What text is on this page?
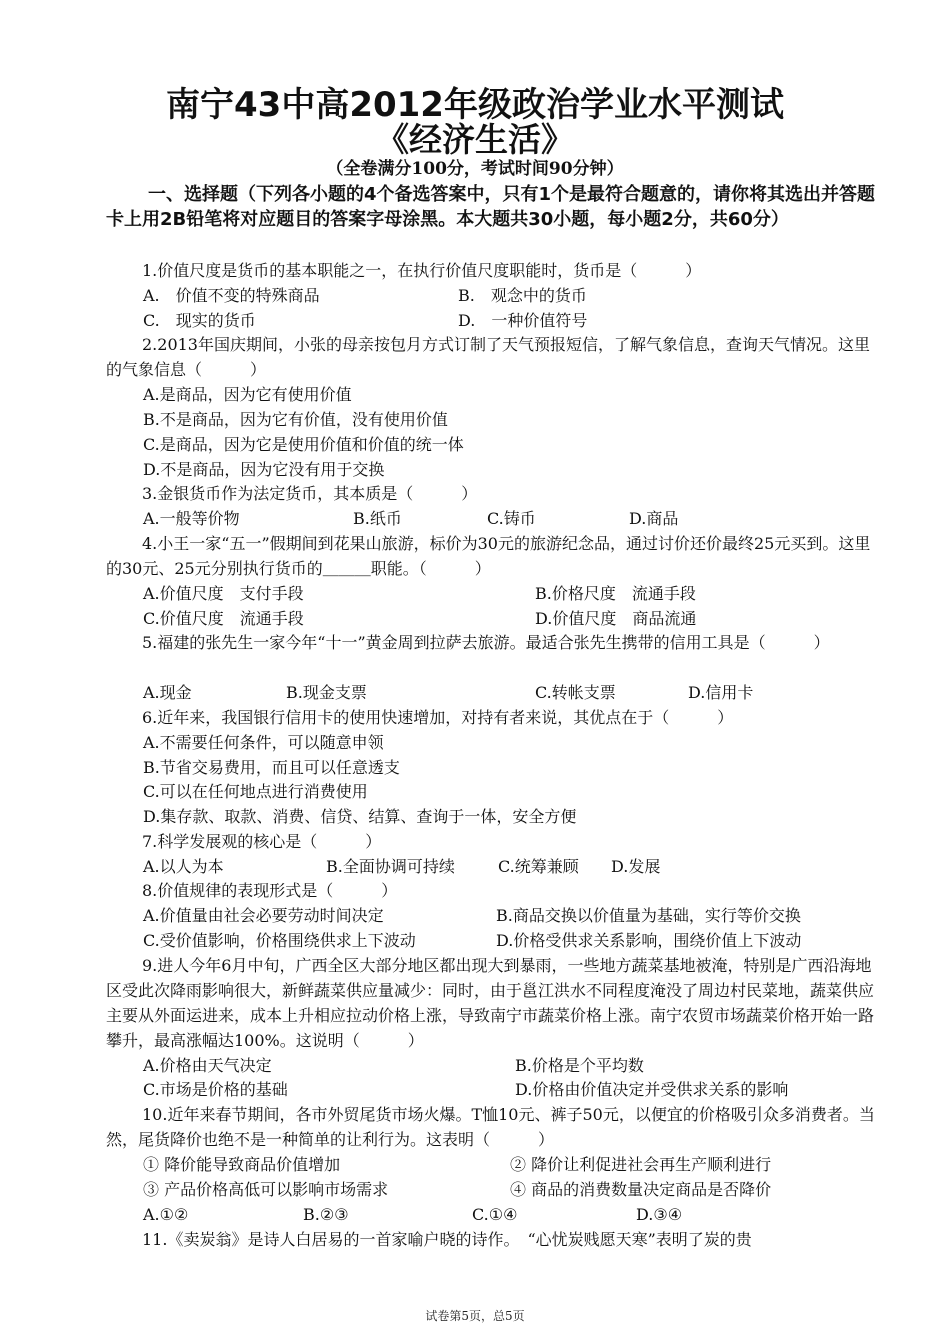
南宁43中高2012年级政治学业水平测试
《经济生活》
（全卷满分100分，考试时间90分钟）
一、选择题（下列各小题的4个备选答案中，只有1个是最符合题意的，请你将其选出并答题卡上用2B铅笔将对应题目的答案字母涂黑。本大题共30小题，每小题2分，共60分）
1.价值尺度是货币的基本职能之一，在执行价值尺度职能时，货币是（　　　）
A.　价值不变的特殊商品	B.　观念中的货币
C.　现实的货币	D.　一种价值符号
2.2013年国庆期间，小张的母亲按包月方式订制了天气预报短信，了解气象信息，查询天气情况。这里的气象信息（　　　）
A.是商品，因为它有使用价值
B.不是商品，因为它有价值，没有使用价值
C.是商品，因为它是使用价值和价值的统一体
D.不是商品，因为它没有用于交换
3.金银货币作为法定货币，其本质是（　　　）
A.一般等价物	B.纸币	C.铸币	D.商品
4.小王一家“五一”假期间到花果山旅游，标价为30元的旅游纪念品，通过讨价还价最终25元买到。这里的30元、25元分别执行货币的＿＿＿职能。（　　　）
A.价值尺度　支付手段	B.价格尺度　流通手段
C.价值尺度　流通手段	D.价值尺度　商品流通
5.福建的张先生一家今年“十一”黄金周到拉萨去旅游。最适合张先生携带的信用工具是（　　　）
A.现金	B.现金支票	C.转帐支票	D.信用卡
6.近年来，我国银行信用卡的使用快速增加，对持有者来说，其优点在于（　　　）
A.不需要任何条件，可以随意申领
B.节省交易费用，而且可以任意透支
C.可以在任何地点进行消费使用
D.集存款、取款、消费、信贷、结算、查询于一体，安全方便
7.科学发展观的核心是（　　　）
A.以人为本	B.全面协调可持续	C.统筹兼顾 D.发展
8.价值规律的表现形式是（　　　）
A.价值量由社会必要劳动时间决定	B.商品交换以价值量为基础，实行等价交换
C.受价值影响，价格围绕供求上下波动	D.价格受供求关系影响，围绕价值上下波动
9.进人今年6月中旬，广西全区大部分地区都出现大到暴雨，一些地方蔬菜基地被淹，特别是广西沿海地区受此次降雨影响很大，新鲜蔬菜供应量减少：同时，由于邕江洪水不同程度淹没了周边村民菜地，蔬菜供应主要从外面运进来，成本上升相应拉动价格上涨，导致南宁市蔬菜价格上涨。南宁农贸市场蔬菜价格开始一路攀升，最高涨幅达100%。这说明（　　　）
A.价格由天气决定	B.价格是个平均数
C.市场是价格的基础	D.价格由价值决定并受供求关系的影响
10.近年来春节期间，各市外贸尾货市场火爆。T恤10元、裤子50元，以便宜的价格吸引众多消费者。当然，尾货降价也绝不是一种简单的让利行为。这表明（　　　）
① 降价能导致商品价值增加	② 降价让利促进社会再生产顺利进行
③ 产品价格高低可以影响市场需求	④ 商品的消费数量决定商品是否降价
A.①②	B.②③	C.①④	D.③④
11.《卖炭翁》是诗人白居易的一首家喻户晓的诗作。　“心忧炭贱愿天寒”表明了炭的贵
试卷第5页，总5页
